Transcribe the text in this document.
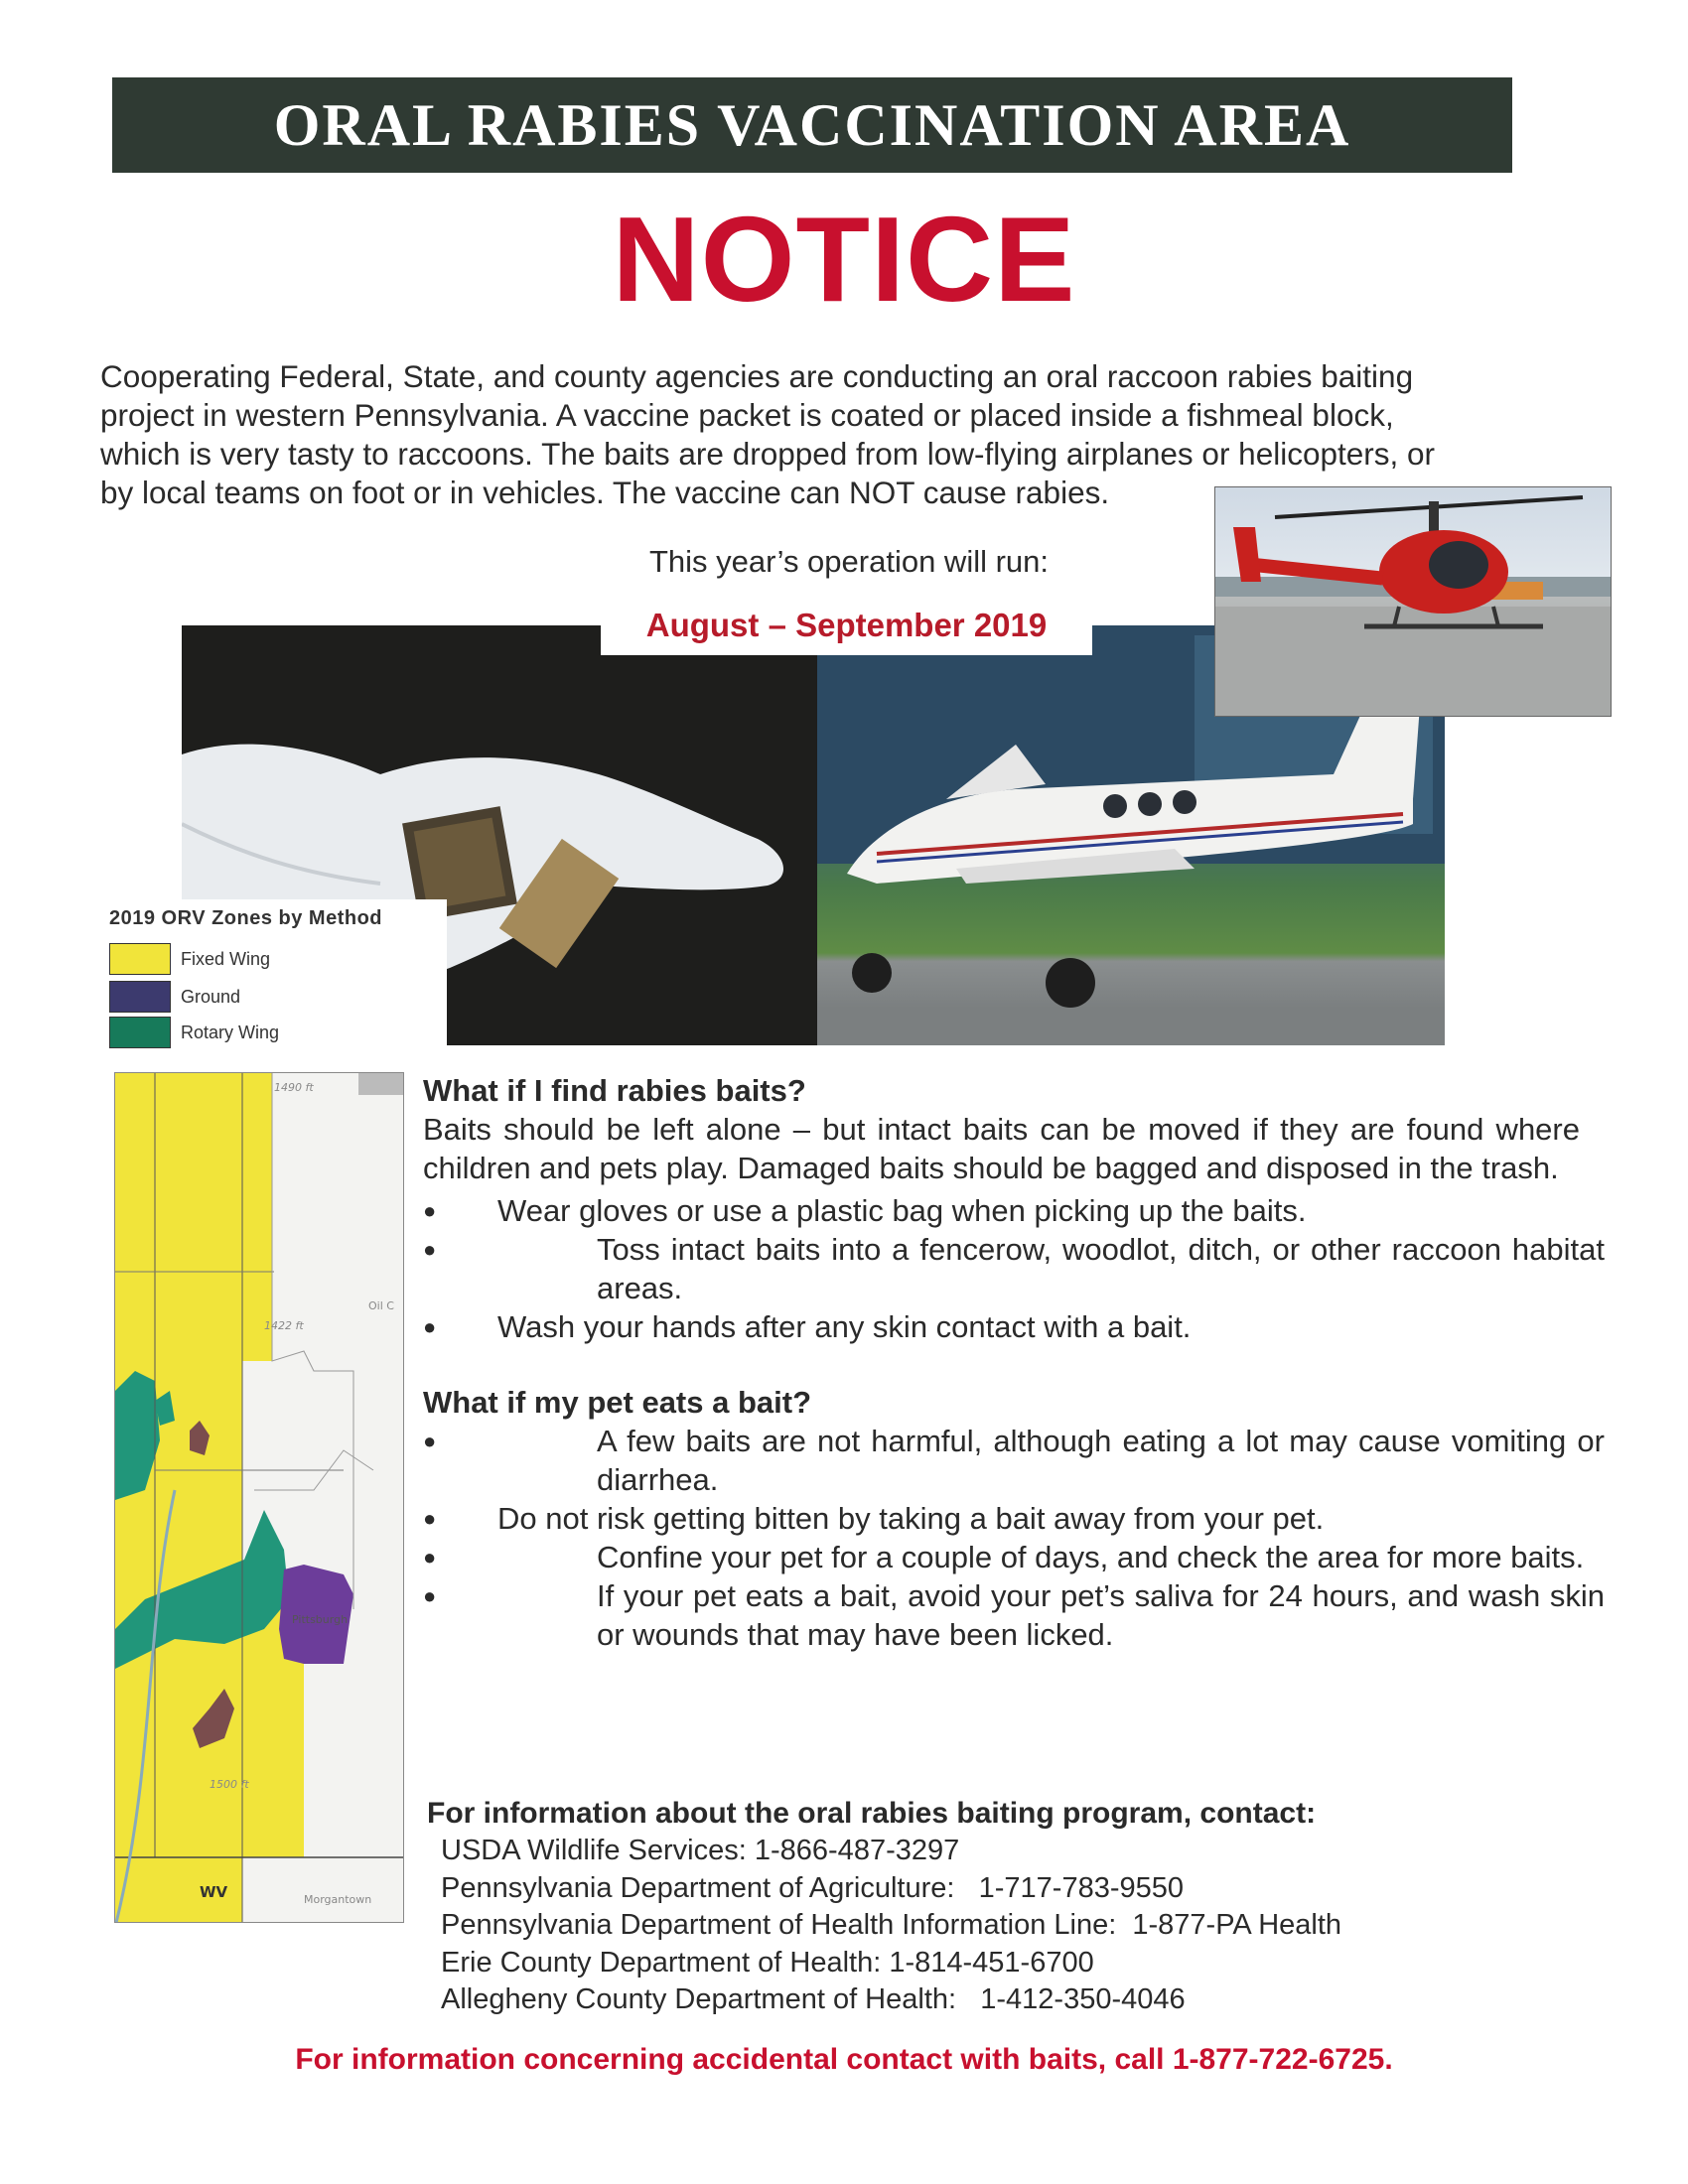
ORAL RABIES VACCINATION AREA
NOTICE

Cooperating Federal, State, and county agencies are conducting an oral raccoon rabies baiting

project in western Pennsylvania. A vaccine packet is coated or placed inside a fishmeal block,

which is very tasty to raccoons. The baits are dropped from low-flying airplanes or helicopters, or

by local teams on foot or in vehicles. The vaccine can NOT cause rabies.

This year’s operation will run:
August – September 2019
2019 ORV Zones by Method
Fixed Wing
Ground
Rotary Wing
1490 ft
1422 ft
Oil C
Pittsburgh
1500 ft
WV	Morgantown
What if I find rabies baits?
Baits should be left alone – but intact baits can be moved if they are found where children and pets play. Damaged baits should be bagged and disposed in the trash.
●	Wear gloves or use a plastic bag when picking up the baits.
●	Toss intact baits into a fencerow, woodlot, ditch, or other raccoon habitat areas.
●	Wash your hands after any skin contact with a bait.
What if my pet eats a bait?
●	A few baits are not harmful, although eating a lot may cause vomiting or diarrhea.
●	Do not risk getting bitten by taking a bait away from your pet.
●	Confine your pet for a couple of days, and check the area for more baits.
●	If your pet eats a bait, avoid your pet’s saliva for 24 hours, and wash skin or wounds that may have been licked.
For information about the oral rabies baiting program, contact:
USDA Wildlife Services: 1-866-487-3297
Pennsylvania Department of Agriculture:   1-717-783-9550
Pennsylvania Department of Health Information Line:  1-877-PA Health
Erie County Department of Health: 1-814-451-6700
Allegheny County Department of Health:   1-412-350-4046
For information concerning accidental contact with baits, call 1-877-722-6725.
